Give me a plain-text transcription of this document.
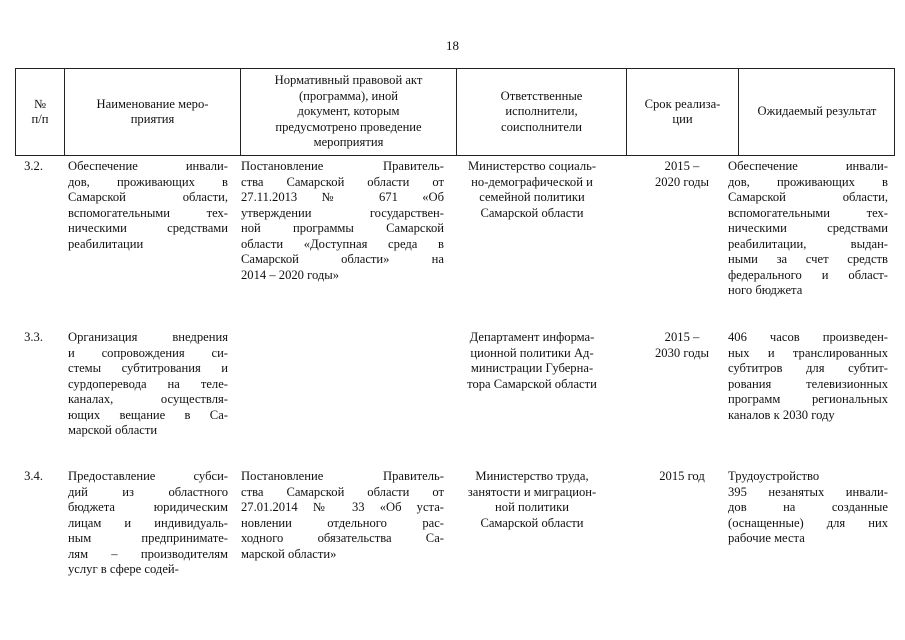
18
№
п/п
Наименование меро-
приятия
Нормативный правовой акт
(программа), иной
документ, которым
предусмотрено проведение
мероприятия
Ответственные
исполнители,
соисполнители
Срок реализа-
ции
Ожидаемый результат
3.2. Обеспечение инвали-
дов, проживающих в
Самарской области,
вспомогательными тех-
ническими средствами
реабилитации
Постановление Правитель-
ства Самарской области от
27.11.2013 № 671 «Об
утверждении государствен-
ной программы Самарской
области «Доступная среда в
Самарской области» на
2014 – 2020 годы»
Министерство социаль-
но-демографической и
семейной политики
Самарской области
2015 –
2020 годы
Обеспечение инвали-
дов, проживающих в
Самарской области,
вспомогательными тех-
ническими средствами
реабилитации, выдан-
ными за счет средств
федерального и област-
ного бюджета
3.3. Организация внедрения
и сопровождения си-
стемы субтитрования и
сурдоперевода на теле-
каналах, осуществля-
ющих вещание в Са-
марской области
Департамент информа-
ционной политики Ад-
министрации Губерна-
тора Самарской области
2015 –
2030 годы
406 часов произведен-
ных и транслированных
субтитров для субтит-
рования телевизионных
программ региональных
каналов к 2030 году
3.4. Предоставление субси-
дий из областного
бюджета юридическим
лицам и индивидуаль-
ным предпринимате-
лям – производителям
услуг в сфере содей-
Постановление Правитель-
ства Самарской области от
27.01.2014 № 33 «Об уста-
новлении отдельного рас-
ходного обязательства Са-
марской области»
Министерство труда,
занятости и миграцион-
ной политики
Самарской области
2015 год	Трудоустройство
395 незанятых инвали-
дов на созданные
(оснащенные) для них
рабочие места
